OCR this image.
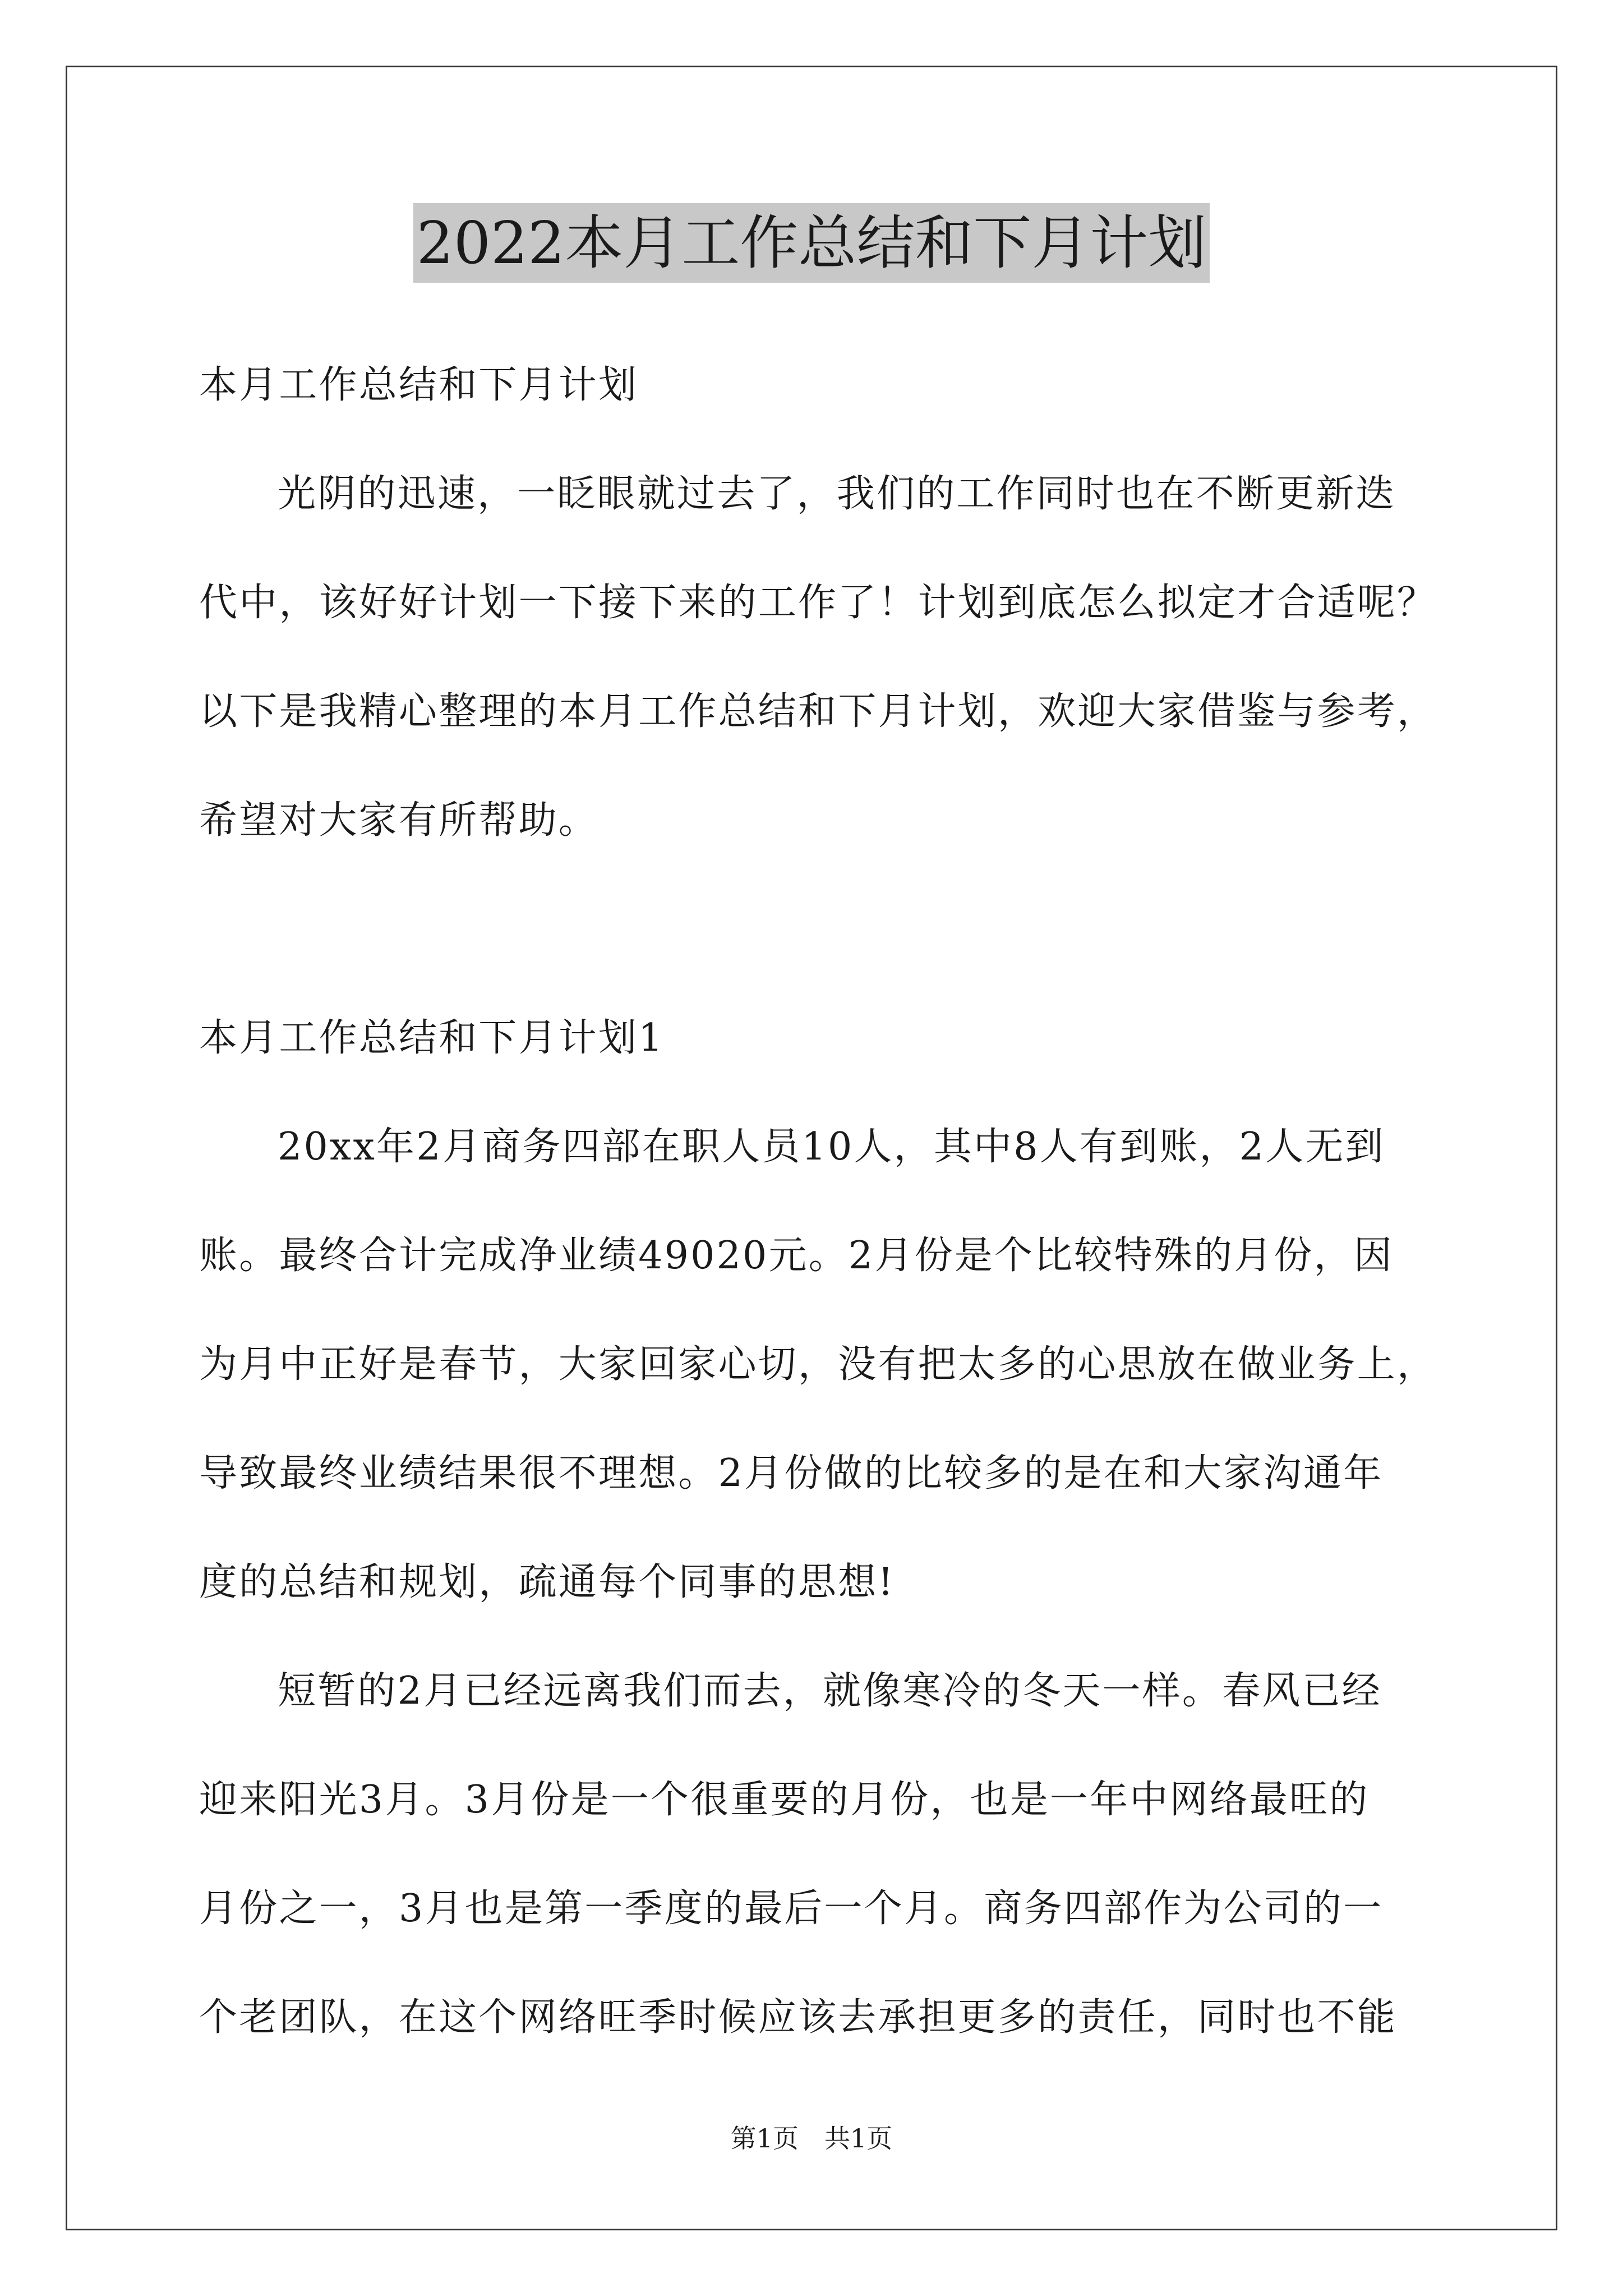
2022本月工作总结和下月计划

本月工作总结和下月计划

光阴的迅速，一眨眼就过去了，我们的工作同时也在不断更新迭

代中，该好好计划一下接下来的工作了！计划到底怎么拟定才合适呢？

以下是我精心整理的本月工作总结和下月计划，欢迎大家借鉴与参考，

希望对大家有所帮助。

本月工作总结和下月计划1

20xx年2月商务四部在职人员10人，其中8人有到账，2人无到

账。最终合计完成净业绩49020元。2月份是个比较特殊的月份，因

为月中正好是春节，大家回家心切，没有把太多的心思放在做业务上，

导致最终业绩结果很不理想。2月份做的比较多的是在和大家沟通年

度的总结和规划，疏通每个同事的思想!

短暂的2月已经远离我们而去，就像寒冷的冬天一样。春风已经

迎来阳光3月。3月份是一个很重要的月份，也是一年中网络最旺的

月份之一，3月也是第一季度的最后一个月。商务四部作为公司的一

个老团队，在这个网络旺季时候应该去承担更多的责任，同时也不能

第1页　共1页
